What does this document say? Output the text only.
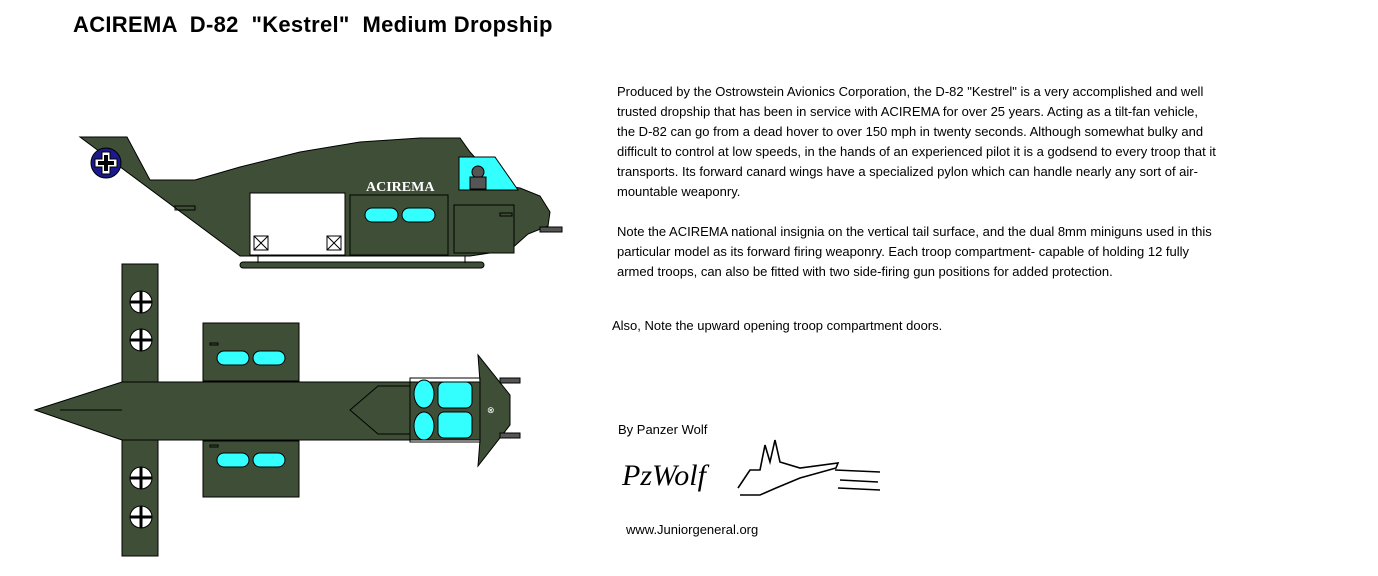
ACIREMA  D-82  "Kestrel"  Medium Dropship
Produced by the Ostrowstein Avionics Corporation, the D-82 "Kestrel" is a very accomplished and well trusted dropship that has been in service with ACIREMA for over 25 years. Acting as a tilt-fan vehicle, the D-82 can go from a dead hover to over 150 mph in twenty seconds. Although somewhat bulky and difficult to control at low speeds, in the hands of an experienced pilot it is a godsend to every troop that it transports. Its forward canard wings have a specialized pylon which can handle nearly any sort of air-mountable weaponry.
Note the ACIREMA national insignia on the vertical tail surface, and the dual 8mm miniguns used in this particular model as its forward firing weaponry. Each troop compartment- capable of holding 12 fully armed troops, can also be fitted with two side-firing gun positions for added protection.
Also, Note the upward opening troop compartment doors.
By Panzer Wolf
www.Juniorgeneral.org
ACIREMA
⊗
PzWolf
